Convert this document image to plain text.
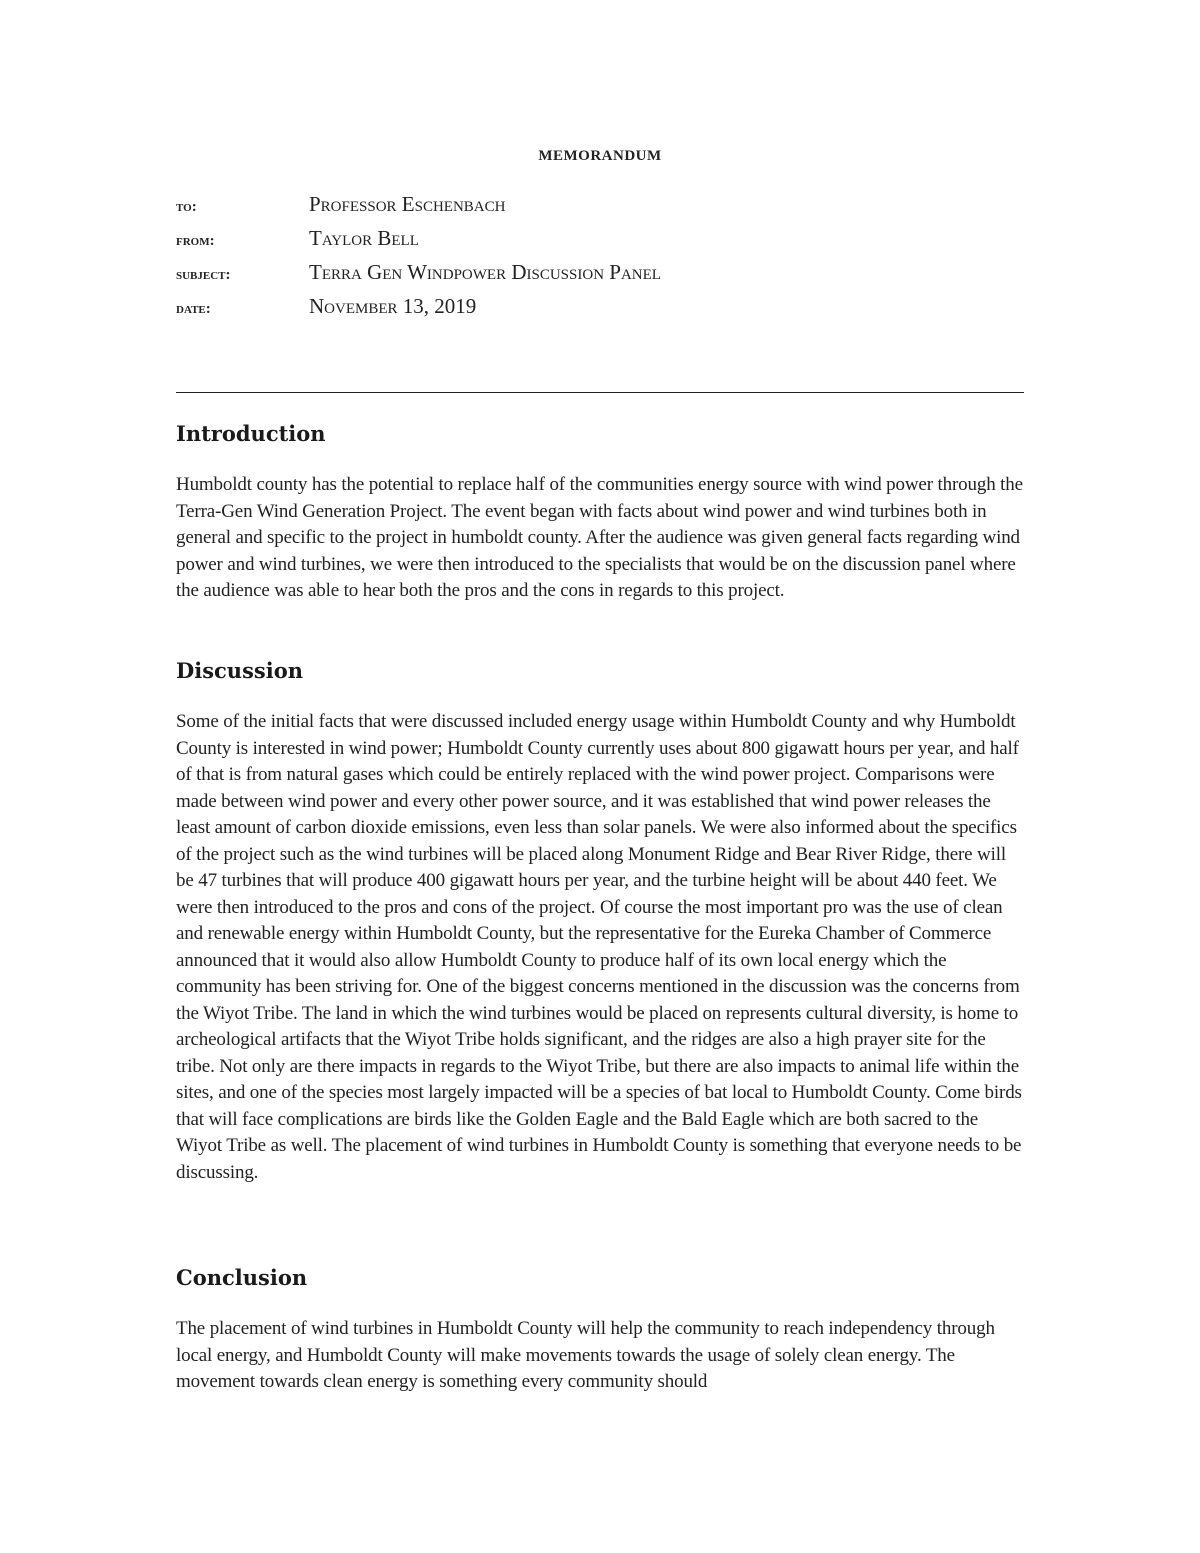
MEMORANDUM
to:	Professor Eschenbach
from:	Taylor Bell
subject:	Terra Gen Windpower Discussion Panel
date:	November 13, 2019
Introduction

Humboldt county has the potential to replace half of the communities energy source with wind power through the Terra-Gen Wind Generation Project. The event began with facts about wind power and wind turbines both in general and specific to the project in humboldt county. After the audience was given general facts regarding wind power and wind turbines, we were then introduced to the specialists that would be on the discussion panel where the audience was able to hear both the pros and the cons in regards to this project.

Discussion

Some of the initial facts that were discussed included energy usage within Humboldt County and why Humboldt County is interested in wind power; Humboldt County currently uses about 800 gigawatt hours per year, and half of that is from natural gases which could be entirely replaced with the wind power project. Comparisons were made between wind power and every other power source, and it was established that wind power releases the least amount of carbon dioxide emissions, even less than solar panels. We were also informed about the specifics of the project such as the wind turbines will be placed along Monument Ridge and Bear River Ridge, there will be 47 turbines that will produce 400 gigawatt hours per year, and the turbine height will be about 440 feet. We were then introduced to the pros and cons of the project. Of course the most important pro was the use of clean and renewable energy within Humboldt County, but the representative for the Eureka Chamber of Commerce announced that it would also allow Humboldt County to produce half of its own local energy which the community has been striving for. One of the biggest concerns mentioned in the discussion was the concerns from the Wiyot Tribe. The land in which the wind turbines would be placed on represents cultural diversity, is home to archeological artifacts that the Wiyot Tribe holds significant, and the ridges are also a high prayer site for the tribe. Not only are there impacts in regards to the Wiyot Tribe, but there are also impacts to animal life within the sites, and one of the species most largely impacted will be a species of bat local to Humboldt County. Come birds that will face complications are birds like the Golden Eagle and the Bald Eagle which are both sacred to the Wiyot Tribe as well. The placement of wind turbines in Humboldt County is something that everyone needs to be discussing.

Conclusion

The placement of wind turbines in Humboldt County will help the community to reach independency through local energy, and Humboldt County will make movements towards the usage of solely clean energy. The movement towards clean energy is something every community should
